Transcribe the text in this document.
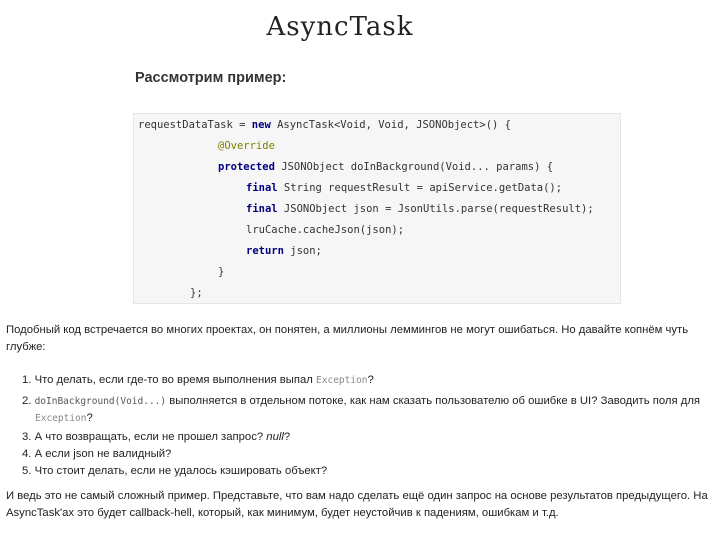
AsyncTask
Рассмотрим пример:
requestDataTask = new AsyncTask<Void, Void, JSONObject>() {
@Override
protected JSONObject doInBackground(Void... params) {
final String requestResult = apiService.getData();
final JSONObject json = JsonUtils.parse(requestResult);
lruCache.cacheJson(json);
return json;
}
};
Подобный код встречается во многих проектах, он понятен, а миллионы леммингов не могут ошибаться. Но давайте копнём чуть глубже:
1. Что делать, если где-то во время выполнения выпал Exception?
2. doInBackground(Void...) выполняется в отдельном потоке, как нам сказать пользователю об ошибке в UI? Заводить поля для
Exception?
3. А что возвращать, если не прошел запрос? null?
4. А если json не валидный?
5. Что стоит делать, если не удалось кэшировать объект?
И ведь это не самый сложный пример. Представьте, что вам надо сделать ещё один запрос на основе результатов предыдущего. На AsyncTask'ах это будет callback-hell, который, как минимум, будет неустойчив к падениям, ошибкам и т.д.
